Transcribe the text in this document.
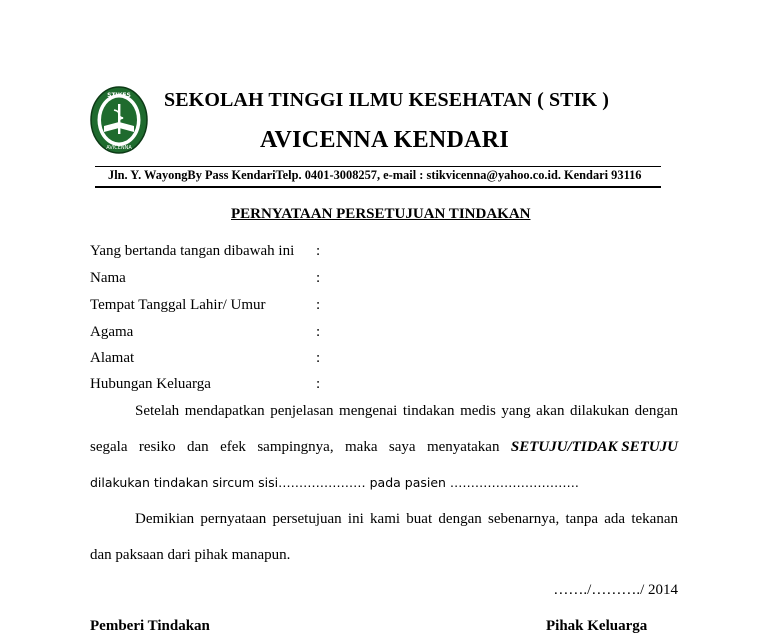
STIKES
AVICENNA
SEKOLAH TINGGI ILMU KESEHATAN ( STIK )
AVICENNA KENDARI
Jln. Y. WayongBy Pass KendariTelp. 0401-3008257, e-mail : stikvicenna@yahoo.co.id. Kendari 93116
PERNYATAAN PERSETUJUAN TINDAKAN
Yang bertanda tangan dibawah ini :
Nama	:
Tempat Tanggal Lahir/ Umur	:
Agama	:
Alamat	:
Hubungan Keluarga	:
Setelah mendapatkan penjelasan mengenai tindakan medis yang akan dilakukan dengan
segala resiko dan efek sampingnya, maka saya menyatakan SETUJU/TIDAK SETUJU
dilakukan tindakan sircum sisi………………… pada pasien ………………………….
Demikian pernyataan persetujuan ini kami buat dengan sebenarnya, tanpa ada tekanan
dan paksaan dari pihak manapun.
……./………./ 2014
Pemberi Tindakan	Pihak Keluarga
